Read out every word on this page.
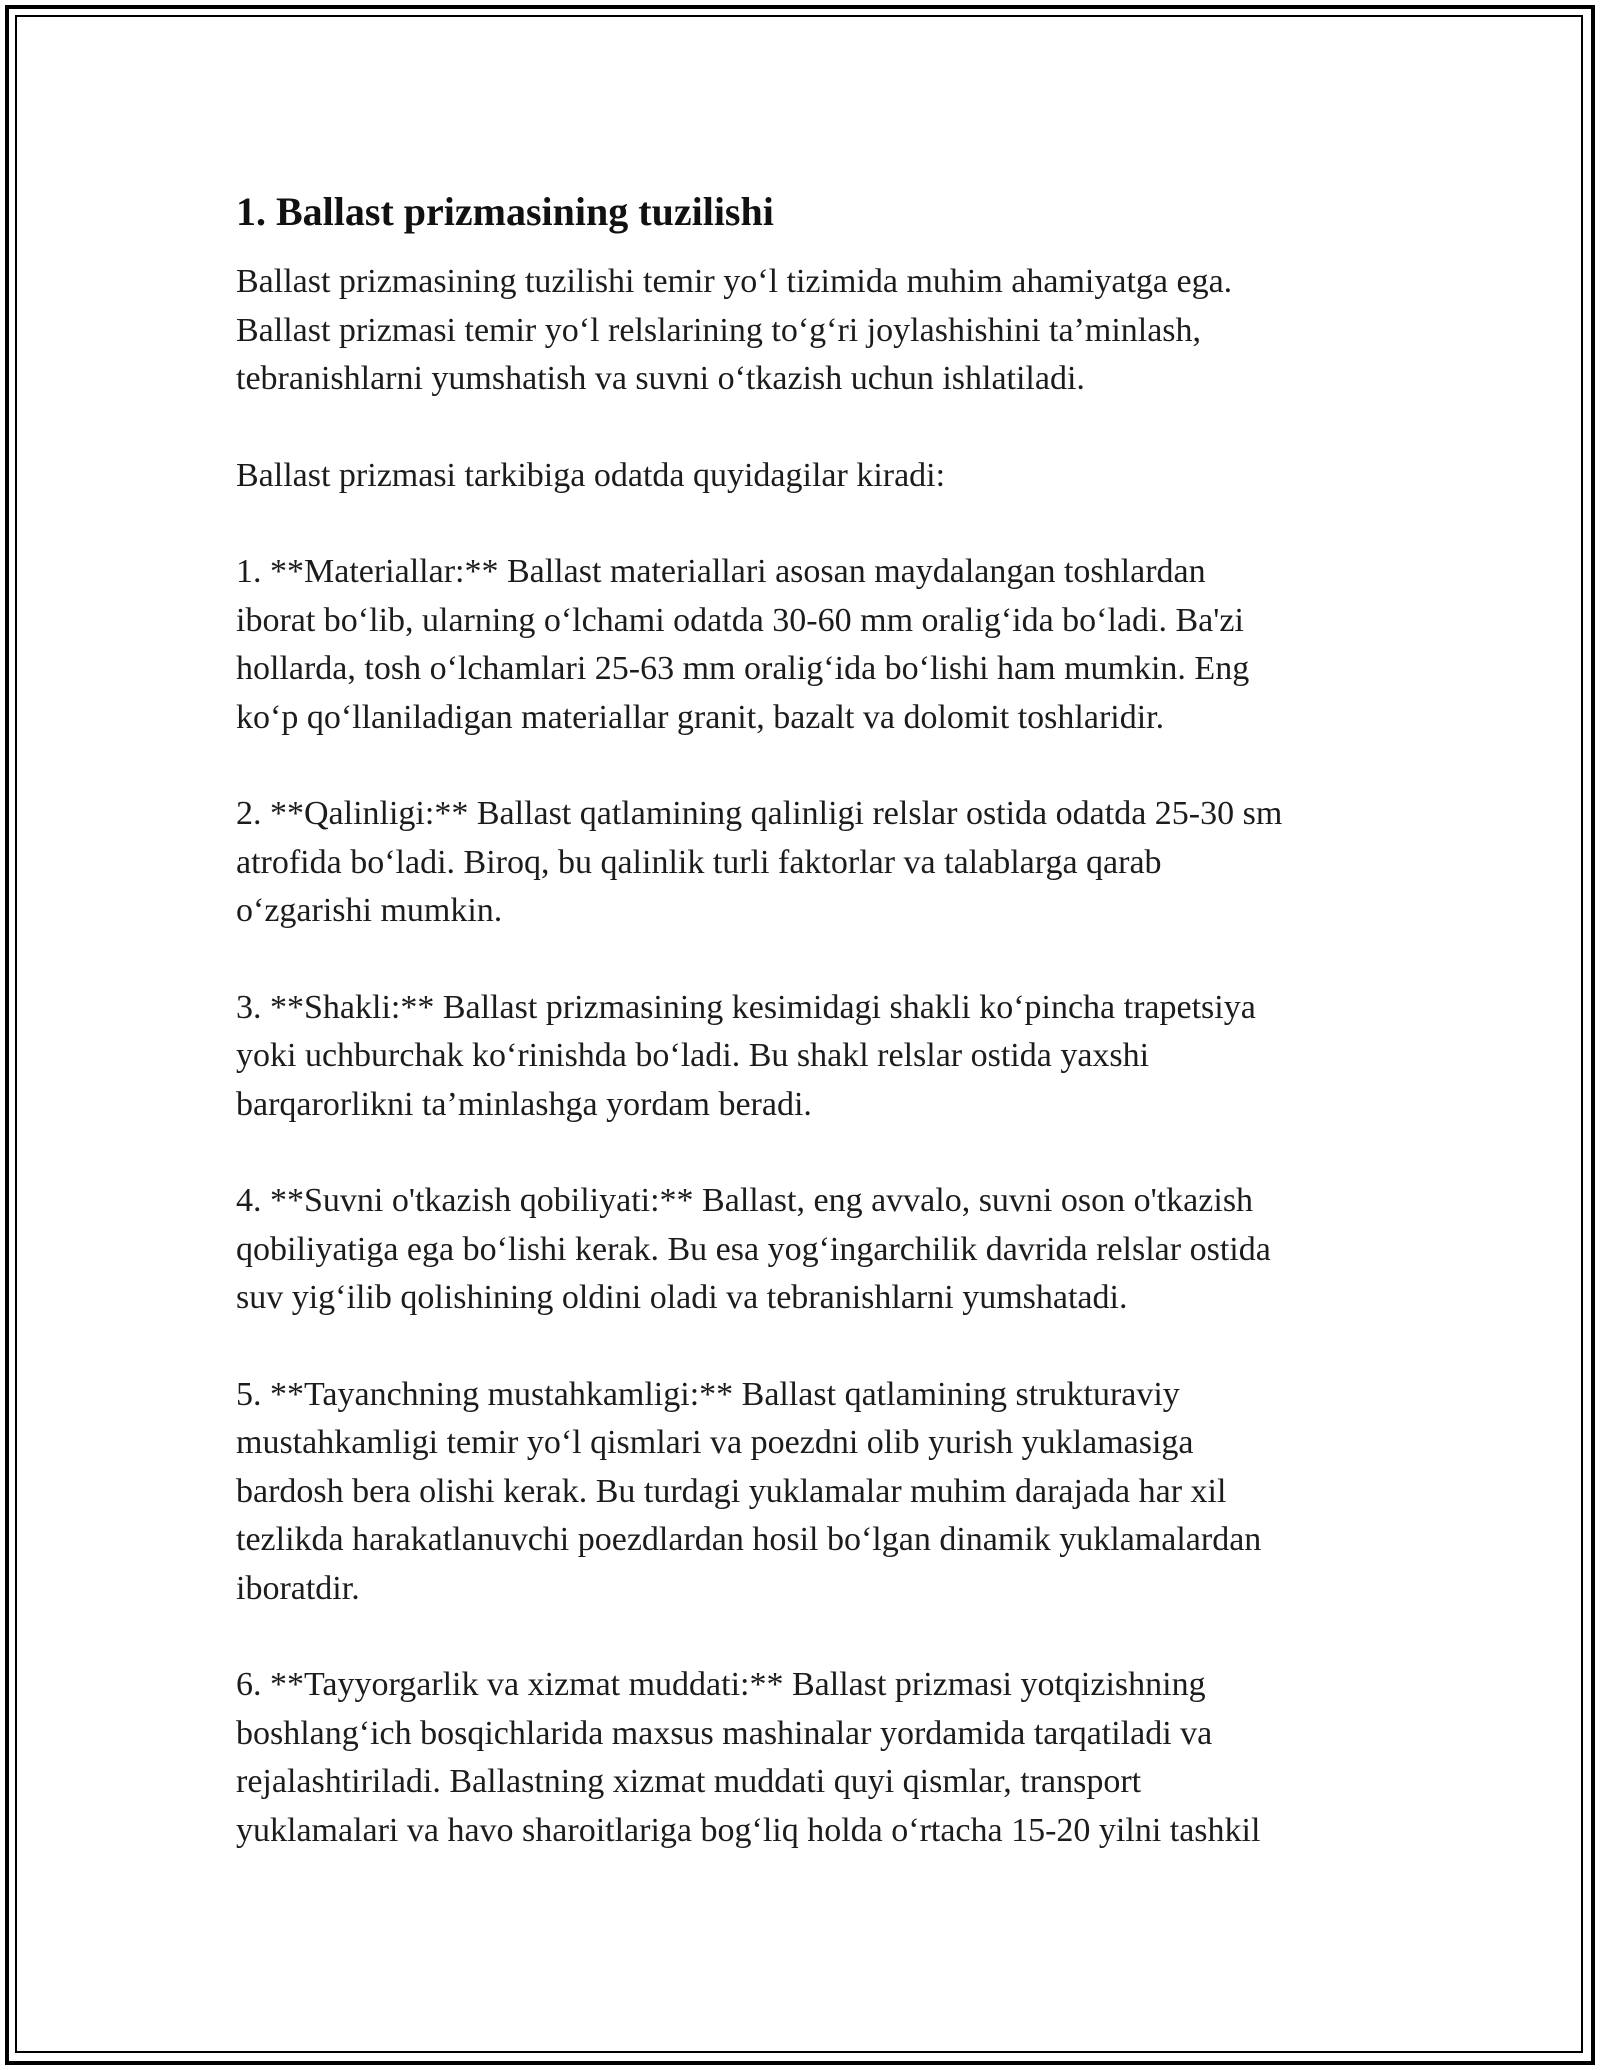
1. Ballast prizmasining tuzilishi

Ballast prizmasining tuzilishi temir yo‘l tizimida muhim ahamiyatga ega.
Ballast prizmasi temir yo‘l relslarining to‘g‘ri joylashishini ta’minlash,
tebranishlarni yumshatish va suvni o‘tkazish uchun ishlatiladi.

Ballast prizmasi tarkibiga odatda quyidagilar kiradi:

1. **Materiallar:** Ballast materiallari asosan maydalangan toshlardan
iborat bo‘lib, ularning o‘lchami odatda 30-60 mm oralig‘ida bo‘ladi. Ba'zi
hollarda, tosh o‘lchamlari 25-63 mm oralig‘ida bo‘lishi ham mumkin. Eng
ko‘p qo‘llaniladigan materiallar granit, bazalt va dolomit toshlaridir.

2. **Qalinligi:** Ballast qatlamining qalinligi relslar ostida odatda 25-30 sm
atrofida bo‘ladi. Biroq, bu qalinlik turli faktorlar va talablarga qarab
o‘zgarishi mumkin.

3. **Shakli:** Ballast prizmasining kesimidagi shakli ko‘pincha trapetsiya
yoki uchburchak ko‘rinishda bo‘ladi. Bu shakl relslar ostida yaxshi
barqarorlikni ta’minlashga yordam beradi.

4. **Suvni o'tkazish qobiliyati:** Ballast, eng avvalo, suvni oson o'tkazish
qobiliyatiga ega bo‘lishi kerak. Bu esa yog‘ingarchilik davrida relslar ostida
suv yig‘ilib qolishining oldini oladi va tebranishlarni yumshatadi.

5. **Tayanchning mustahkamligi:** Ballast qatlamining strukturaviy
mustahkamligi temir yo‘l qismlari va poezdni olib yurish yuklamasiga
bardosh bera olishi kerak. Bu turdagi yuklamalar muhim darajada har xil
tezlikda harakatlanuvchi poezdlardan hosil bo‘lgan dinamik yuklamalardan
iboratdir.

6. **Tayyorgarlik va xizmat muddati:** Ballast prizmasi yotqizishning
boshlang‘ich bosqichlarida maxsus mashinalar yordamida tarqatiladi va
rejalashtiriladi. Ballastning xizmat muddati quyi qismlar, transport
yuklamalari va havo sharoitlariga bog‘liq holda o‘rtacha 15-20 yilni tashkil
